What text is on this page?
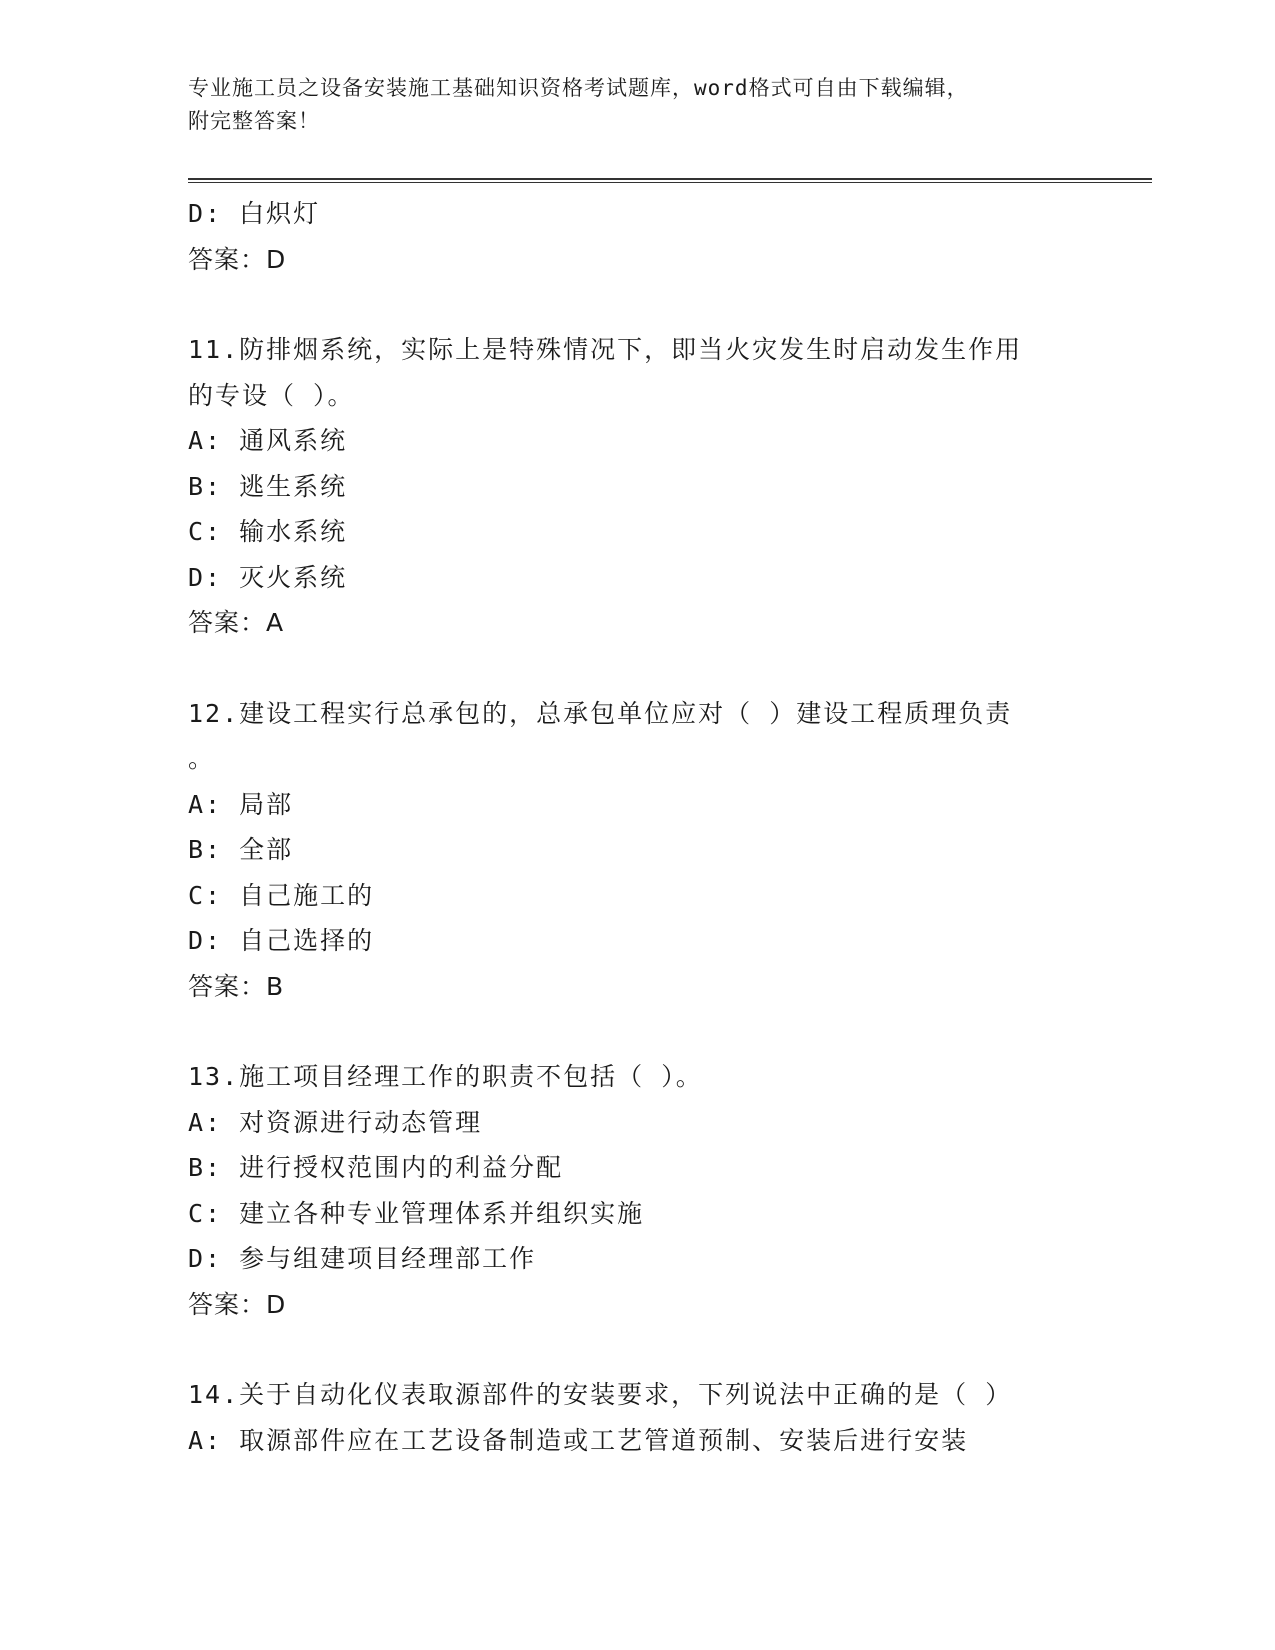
专业施工员之设备安装施工基础知识资格考试题库，word格式可自由下载编辑，
附完整答案！
D: 白炽灯
答案：D
11.防排烟系统，实际上是特殊情况下，即当火灾发生时启动发生作用
的专设（ ）。
A: 通风系统
B: 逃生系统
C: 输水系统
D: 灭火系统
答案：A
12.建设工程实行总承包的，总承包单位应对（ ）建设工程质理负责
。
A: 局部
B: 全部
C: 自己施工的
D: 自己选择的
答案：B
13.施工项目经理工作的职责不包括（ ）。
A: 对资源进行动态管理
B: 进行授权范围内的利益分配
C: 建立各种专业管理体系并组织实施
D: 参与组建项目经理部工作
答案：D
14.关于自动化仪表取源部件的安装要求，下列说法中正确的是（ ）
A: 取源部件应在工艺设备制造或工艺管道预制、安装后进行安装
